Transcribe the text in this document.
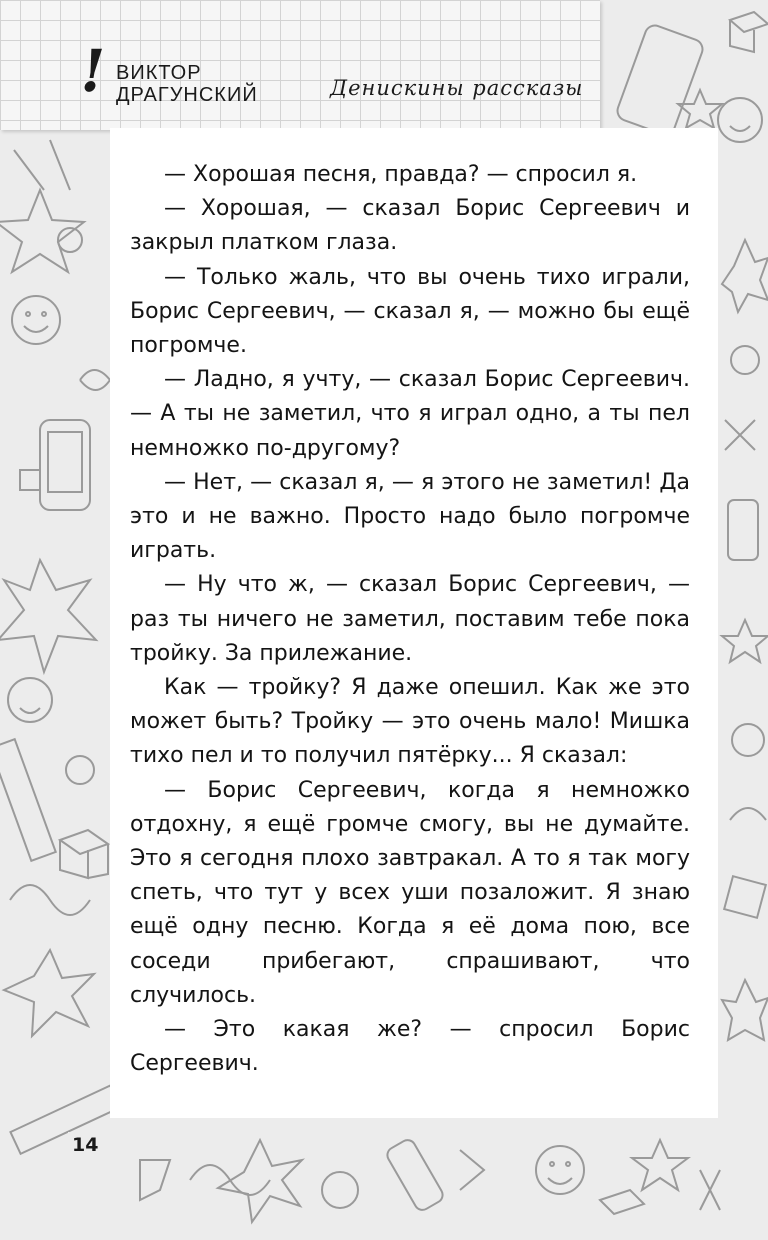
! ВИКТОР
ДРАГУНСКИЙ	Денискины рассказы

— Хорошая песня, правда? — спросил я.

— Хорошая, — сказал Борис Сергеевич и закрыл платком глаза.

— Только жаль, что вы очень тихо играли, Борис Сергеевич, — сказал я, — можно бы ещё погромче.

— Ладно, я учту, — сказал Борис Сергеевич. — А ты не заметил, что я играл одно, а ты пел немножко по-другому?

— Нет, — сказал я, — я этого не заметил! Да это и не важно. Просто надо было погромче играть.

— Ну что ж, — сказал Борис Сергеевич, — раз ты ничего не заметил, поставим тебе пока тройку. За прилежание.

Как — тройку? Я даже опешил. Как же это может быть? Тройку — это очень мало! Мишка тихо пел и то получил пятёрку... Я сказал:

— Борис Сергеевич, когда я немножко отдохну, я ещё громче смогу, вы не думайте. Это я сегодня плохо завтракал. А то я так могу спеть, что тут у всех уши позаложит. Я знаю ещё одну песню. Когда я её дома пою, все соседи прибегают, спрашивают, что случилось.

— Это какая же? — спросил Борис Сергеевич.

14
